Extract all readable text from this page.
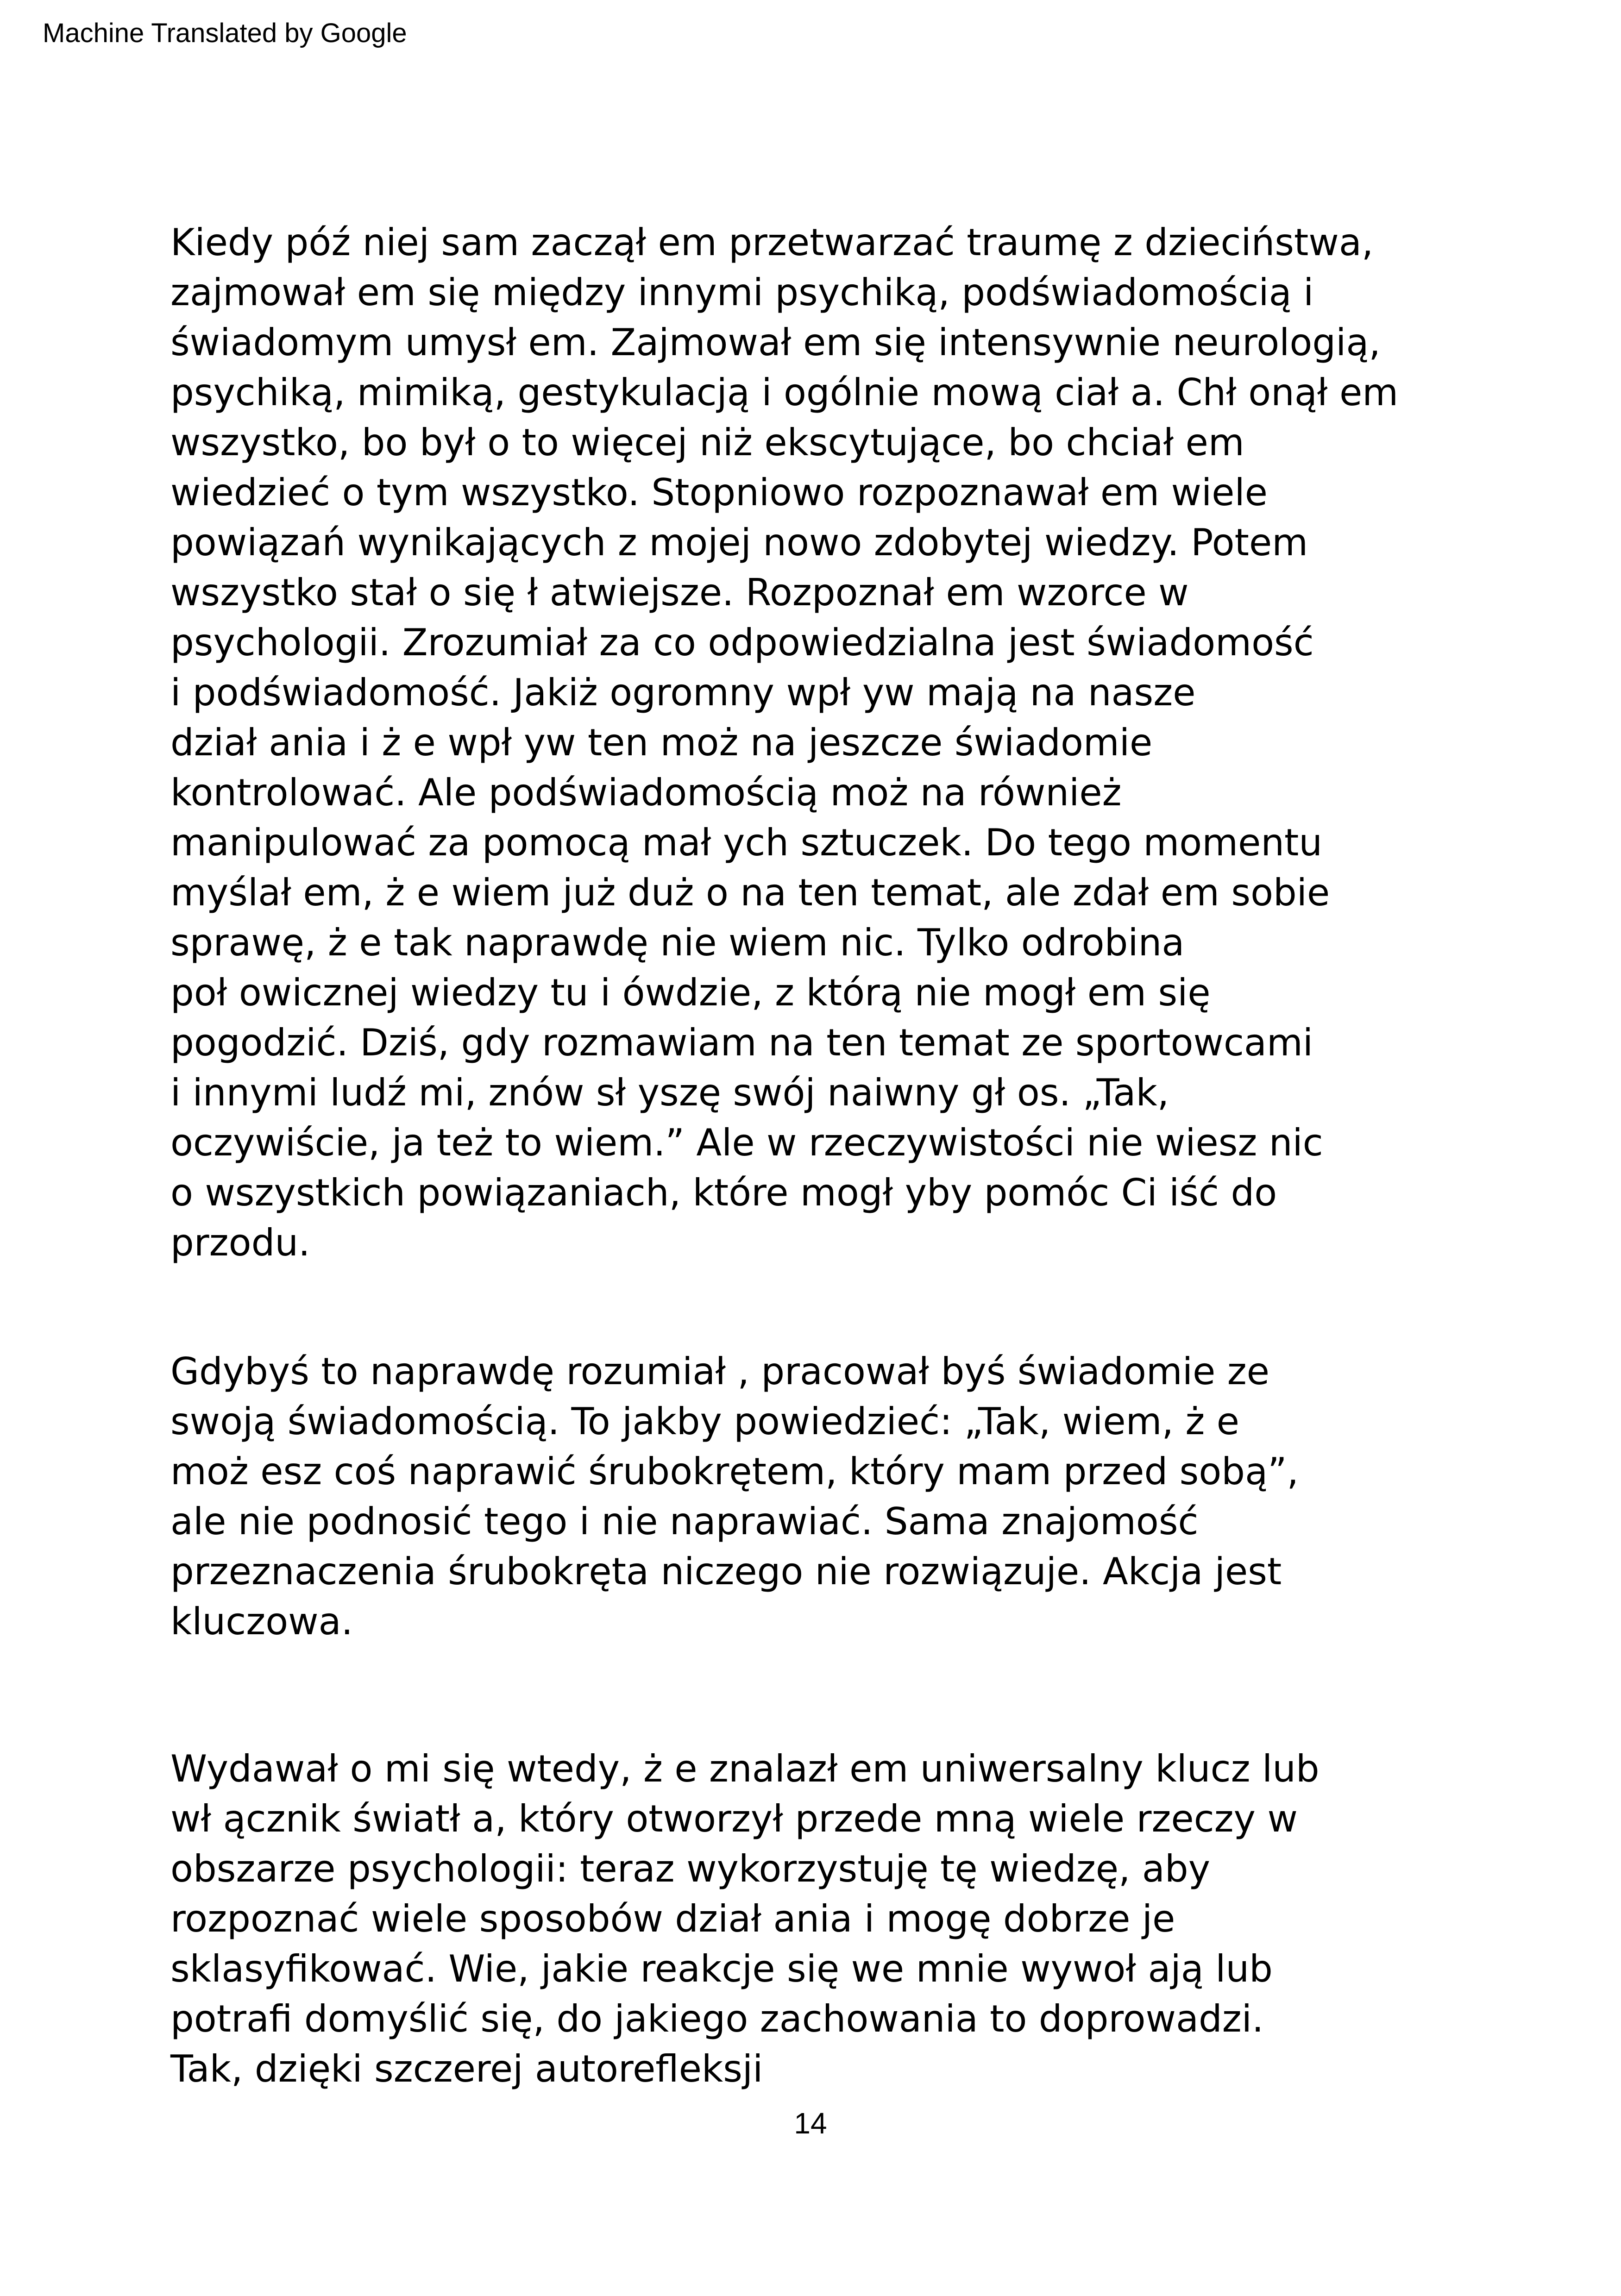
Machine Translated by Google
Kiedy póź niej sam zaczął em przetwarzać traumę z dzieciństwa,
zajmował em się między innymi psychiką, podświadomością i
świadomym umysł em. Zajmował em się intensywnie neurologią,
psychiką, mimiką, gestykulacją i ogólnie mową ciał a. Chł onął em
wszystko, bo był o to więcej niż ekscytujące, bo chciał em
wiedzieć o tym wszystko. Stopniowo rozpoznawał em wiele
powiązań wynikających z mojej nowo zdobytej wiedzy. Potem
wszystko stał o się ł atwiejsze. Rozpoznał em wzorce w
psychologii. Zrozumiał za co odpowiedzialna jest świadomość
i podświadomość. Jakiż ogromny wpł yw mają na nasze
dział ania i ż e wpł yw ten moż na jeszcze świadomie
kontrolować. Ale podświadomością moż na również
manipulować za pomocą mał ych sztuczek. Do tego momentu
myślał em, ż e wiem już duż o na ten temat, ale zdał em sobie
sprawę, ż e tak naprawdę nie wiem nic. Tylko odrobina
poł owicznej wiedzy tu i ówdzie, z którą nie mogł em się
pogodzić. Dziś, gdy rozmawiam na ten temat ze sportowcami
i innymi ludź mi, znów sł yszę swój naiwny gł os. „Tak,
oczywiście, ja też to wiem.” Ale w rzeczywistości nie wiesz nic
o wszystkich powiązaniach, które mogł yby pomóc Ci iść do
przodu.
Gdybyś to naprawdę rozumiał , pracował byś świadomie ze
swoją świadomością. To jakby powiedzieć: „Tak, wiem, ż e
moż esz coś naprawić śrubokrętem, który mam przed sobą”,
ale nie podnosić tego i nie naprawiać. Sama znajomość
przeznaczenia śrubokręta niczego nie rozwiązuje. Akcja jest
kluczowa.
Wydawał o mi się wtedy, ż e znalazł em uniwersalny klucz lub
wł ącznik światł a, który otworzył przede mną wiele rzeczy w
obszarze psychologii: teraz wykorzystuję tę wiedzę, aby
rozpoznać wiele sposobów dział ania i mogę dobrze je
sklasyfikować. Wie, jakie reakcje się we mnie wywoł ają lub
potrafi domyślić się, do jakiego zachowania to doprowadzi.
Tak, dzięki szczerej autorefleksji
14
